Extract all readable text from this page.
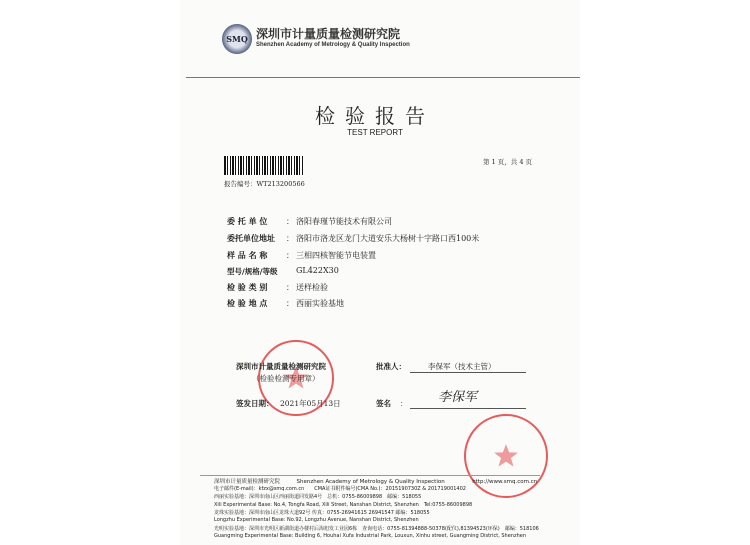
SMQ 深圳市计量质量检测研究院
Shenzhen Academy of Metrology & Quality Inspection
检验报告
TEST REPORT
报告编号：WT213200566
第 1 页，共 4 页
委 托 单 位	： 洛阳春瑾节能技术有限公司
委托单位地址	： 洛阳市洛龙区龙门大道安乐大杨树十字路口西100米
样 品 名 称	： 三相四核智能节电装置
型号/规格/等级	GL422X30
检 验 类 别	： 送样检验
检 验 地 点	： 西丽实验基地
深圳市计量质量检测研究院
（检验检测专用章）
签发日期： 2021年05月13日
批准人：	李保军（技术主管）
签名 ： 李保军
深圳市计量质量检测研究院　　　Shenzhen Academy of Metrology & Quality Inspection　　　　　http://www.smq.com.cn
电子邮件(E-mail)：kfzx@smq.com.cn　　CMA证书附件编号(CMA No.)：2015190730Z & 201719001402
西丽实验基地：深圳市南山区西丽街道同发路4号　总机：0755-86009898　邮编：518055
Xili Experimental Base: No.4, Tongfa Road, Xili Street, Nanshan District, Shenzhen　Tel:0755-86009898
龙珠实验基地：深圳市南山区龙珠大道92号 传真：0755-26941615 26941547 邮编：518055
Longzhu Experimental Base: No.92, Longzhu Avenue, Nanshan District, Shenzhen
光明实验基地：深圳市光明区新湖街道办楼村后海旭发工业园6栋　查询电话：0755-81394888-50378(配仪),81394523(环保)　邮编：518106
Guangming Experimental Base: Building 6, Houhai Xufa Industrial Park, Louxun, Xinhu street, Guangming District, Shenzhen
